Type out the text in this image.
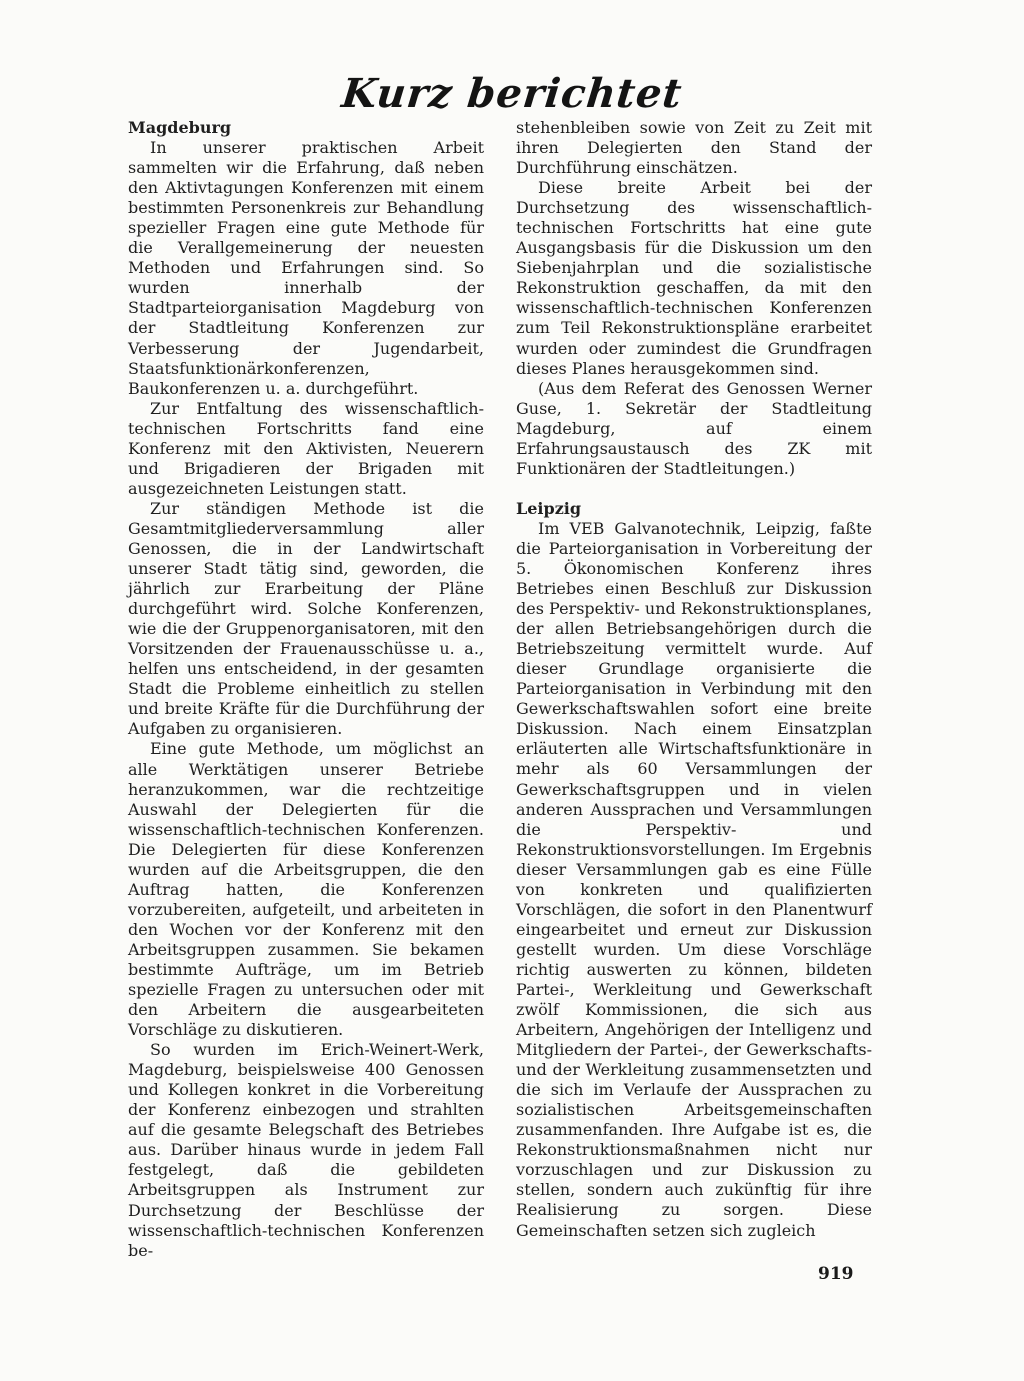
Kurz berichtet
Magdeburg

In unserer praktischen Arbeit sammelten wir die Erfahrung, daß neben den Aktivtagungen Konferenzen mit einem bestimmten Personenkreis zur Behandlung spezieller Fragen eine gute Methode für die Verallgemeinerung der neuesten Methoden und Erfahrungen sind. So wurden innerhalb der Stadtparteiorganisation Magdeburg von der Stadtleitung Konferenzen zur Verbesserung der Jugendarbeit, Staatsfunktionärkonferenzen, Baukonferenzen u. a. durchgeführt.

Zur Entfaltung des wissenschaftlich-technischen Fortschritts fand eine Konferenz mit den Aktivisten, Neuerern und Brigadieren der Brigaden mit ausgezeichneten Leistungen statt.

Zur ständigen Methode ist die Gesamtmitgliederversammlung aller Genossen, die in der Landwirtschaft unserer Stadt tätig sind, geworden, die jährlich zur Erarbeitung der Pläne durchgeführt wird. Solche Konferenzen, wie die der Gruppenorganisatoren, mit den Vorsitzenden der Frauenausschüsse u. a., helfen uns entscheidend, in der gesamten Stadt die Probleme einheitlich zu stellen und breite Kräfte für die Durchführung der Aufgaben zu organisieren.

Eine gute Methode, um möglichst an alle Werktätigen unserer Betriebe heranzukommen, war die rechtzeitige Auswahl der Delegierten für die wissenschaftlich-technischen Konferenzen. Die Delegierten für diese Konferenzen wurden auf die Arbeitsgruppen, die den Auftrag hatten, die Konferenzen vorzubereiten, aufgeteilt, und arbeiteten in den Wochen vor der Konferenz mit den Arbeitsgruppen zusammen. Sie bekamen bestimmte Aufträge, um im Betrieb spezielle Fragen zu untersuchen oder mit den Arbeitern die ausgearbeiteten Vorschläge zu diskutieren.

So wurden im Erich-Weinert-Werk, Magdeburg, beispielsweise 400 Genossen und Kollegen konkret in die Vorbereitung der Konferenz einbezogen und strahlten auf die gesamte Belegschaft des Betriebes aus. Darüber hinaus wurde in jedem Fall festgelegt, daß die gebildeten Arbeitsgruppen als Instrument zur Durchsetzung der Beschlüsse der wissenschaftlich-technischen Konferenzen be-

stehenbleiben sowie von Zeit zu Zeit mit ihren Delegierten den Stand der Durchführung einschätzen.

Diese breite Arbeit bei der Durchsetzung des wissenschaftlich-technischen Fortschritts hat eine gute Ausgangsbasis für die Diskussion um den Siebenjahrplan und die sozialistische Rekonstruktion geschaffen, da mit den wissenschaftlich-technischen Konferenzen zum Teil Rekonstruktionspläne erarbeitet wurden oder zumindest die Grundfragen dieses Planes herausgekommen sind.

(Aus dem Referat des Genossen Werner Guse, 1. Sekretär der Stadtleitung Magdeburg, auf einem Erfahrungsaustausch des ZK mit Funktionären der Stadtleitungen.)

Leipzig

Im VEB Galvanotechnik, Leipzig, faßte die Parteiorganisation in Vorbereitung der 5. Ökonomischen Konferenz ihres Betriebes einen Beschluß zur Diskussion des Perspektiv- und Rekonstruktionsplanes, der allen Betriebsangehörigen durch die Betriebszeitung vermittelt wurde. Auf dieser Grundlage organisierte die Parteiorganisation in Verbindung mit den Gewerkschaftswahlen sofort eine breite Diskussion. Nach einem Einsatzplan erläuterten alle Wirtschaftsfunktionäre in mehr als 60 Versammlungen der Gewerkschaftsgruppen und in vielen anderen Aussprachen und Versammlungen die Perspektiv- und Rekonstruktionsvorstellungen. Im Ergebnis dieser Versammlungen gab es eine Fülle von konkreten und qualifizierten Vorschlägen, die sofort in den Planentwurf eingearbeitet und erneut zur Diskussion gestellt wurden. Um diese Vorschläge richtig auswerten zu können, bildeten Partei-, Werkleitung und Gewerkschaft zwölf Kommissionen, die sich aus Arbeitern, Angehörigen der Intelligenz und Mitgliedern der Partei-, der Gewerkschafts- und der Werkleitung zusammensetzten und die sich im Verlaufe der Aussprachen zu sozialistischen Arbeitsgemeinschaften zusammenfanden. Ihre Aufgabe ist es, die Rekonstruktionsmaßnahmen nicht nur vorzuschlagen und zur Diskussion zu stellen, sondern auch zukünftig für ihre Realisierung zu sorgen. Diese Gemeinschaften setzen sich zugleich

919
